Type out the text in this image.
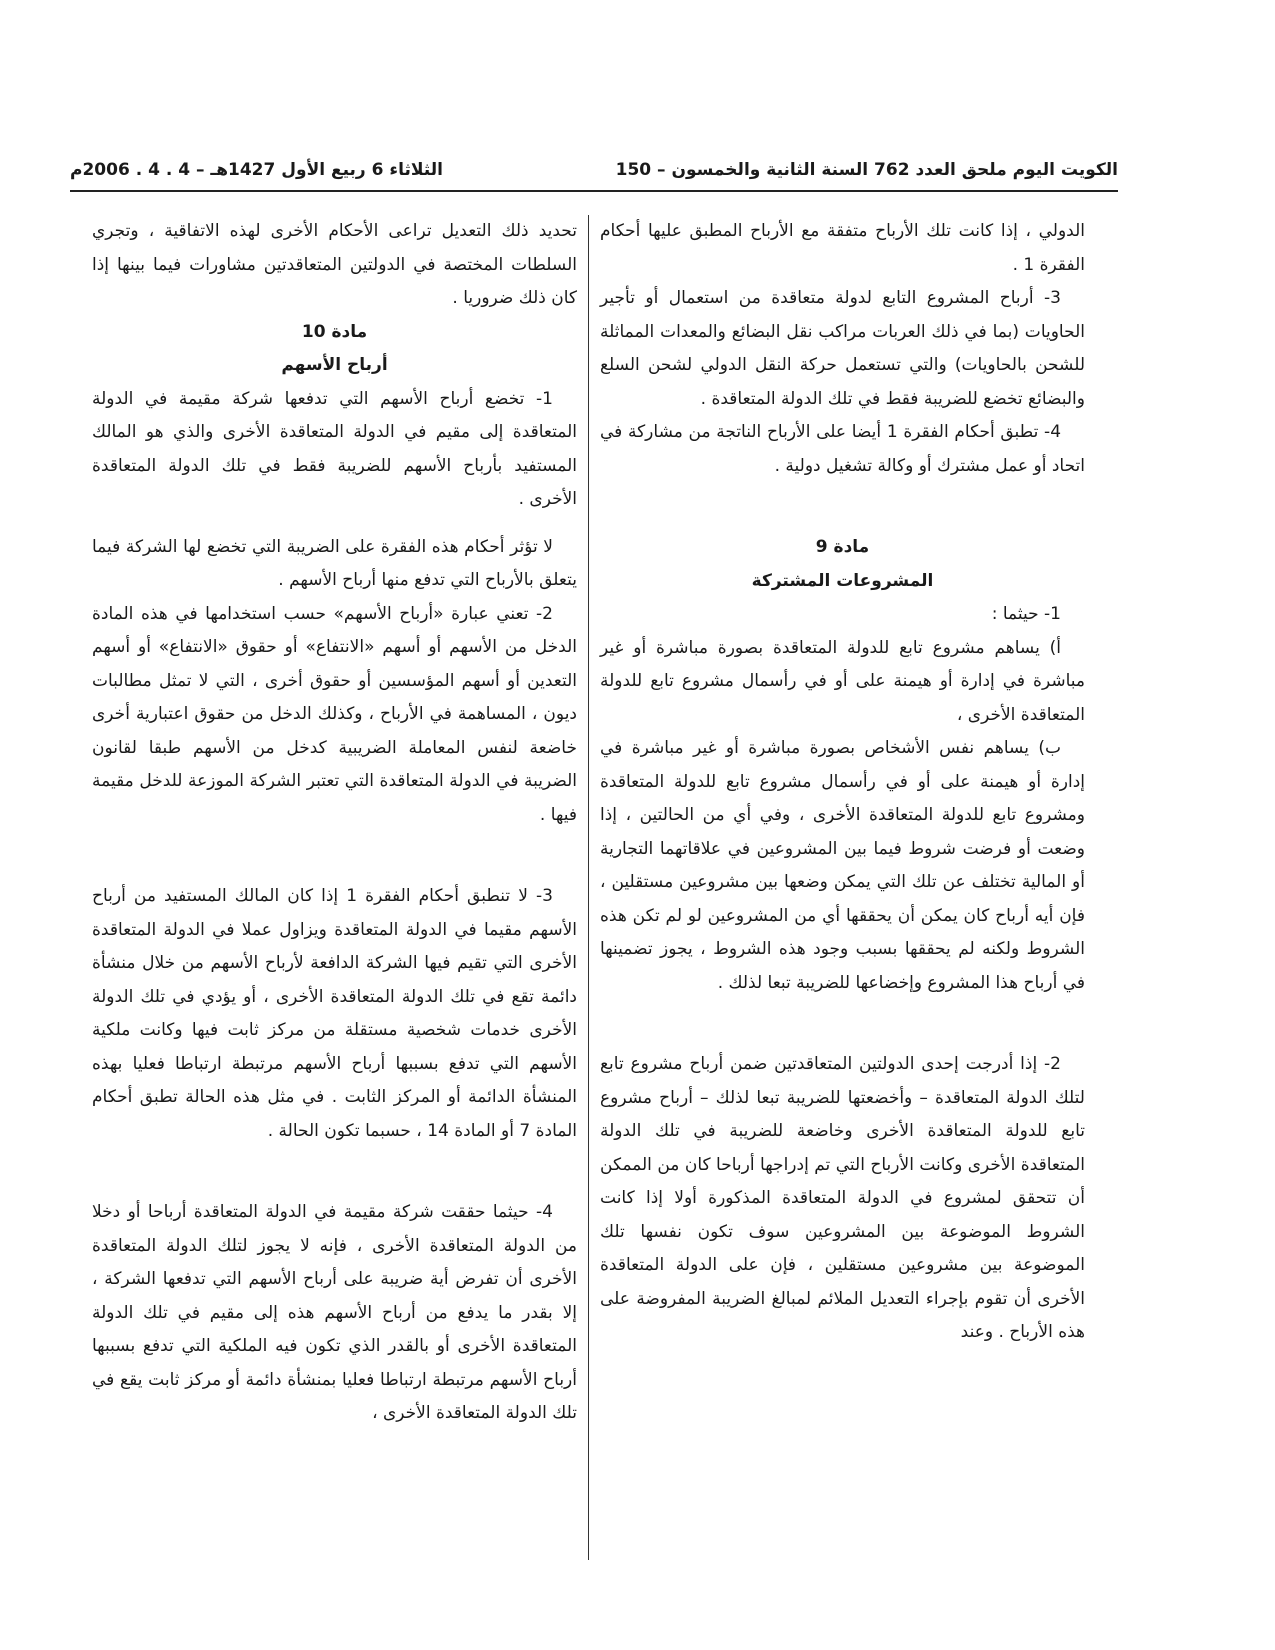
الكويت اليوم ملحق العدد 762 السنة الثانية والخمسون – 150
الثلاثاء 6 ربيع الأول 1427هـ – 4 . 4 . 2006م

الدولي ، إذا كانت تلك الأرباح متفقة مع الأرباح المطبق عليها أحكام الفقرة 1 .

3- أرباح المشروع التابع لدولة متعاقدة من استعمال أو تأجير الحاويات (بما في ذلك العربات مراكب نقل البضائع والمعدات المماثلة للشحن بالحاويات) والتي تستعمل حركة النقل الدولي لشحن السلع والبضائع تخضع للضريبة فقط في تلك الدولة المتعاقدة .

4- تطبق أحكام الفقرة 1 أيضا على الأرباح الناتجة من مشاركة في اتحاد أو عمل مشترك أو وكالة تشغيل دولية .

مادة 9

المشروعات المشتركة

1- حيثما :

أ) يساهم مشروع تابع للدولة المتعاقدة بصورة مباشرة أو غير مباشرة في إدارة أو هيمنة على أو في رأسمال مشروع تابع للدولة المتعاقدة الأخرى ،

ب) يساهم نفس الأشخاص بصورة مباشرة أو غير مباشرة في إدارة أو هيمنة على أو في رأسمال مشروع تابع للدولة المتعاقدة ومشروع تابع للدولة المتعاقدة الأخرى ، وفي أي من الحالتين ، إذا وضعت أو فرضت شروط فيما بين المشروعين في علاقاتهما التجارية أو المالية تختلف عن تلك التي يمكن وضعها بين مشروعين مستقلين ، فإن أيه أرباح كان يمكن أن يحققها أي من المشروعين لو لم تكن هذه الشروط ولكنه لم يحققها بسبب وجود هذه الشروط ، يجوز تضمينها في أرباح هذا المشروع وإخضاعها للضريبة تبعا لذلك .

2- إذا أدرجت إحدى الدولتين المتعاقدتين ضمن أرباح مشروع تابع لتلك الدولة المتعاقدة – وأخضعتها للضريبة تبعا لذلك – أرباح مشروع تابع للدولة المتعاقدة الأخرى وخاضعة للضريبة في تلك الدولة المتعاقدة الأخرى وكانت الأرباح التي تم إدراجها أرباحا كان من الممكن أن تتحقق لمشروع في الدولة المتعاقدة المذكورة أولا إذا كانت الشروط الموضوعة بين المشروعين سوف تكون نفسها تلك الموضوعة بين مشروعين مستقلين ، فإن على الدولة المتعاقدة الأخرى أن تقوم بإجراء التعديل الملائم لمبالغ الضريبة المفروضة على هذه الأرباح . وعند

تحديد ذلك التعديل تراعى الأحكام الأخرى لهذه الاتفاقية ، وتجري السلطات المختصة في الدولتين المتعاقدتين مشاورات فيما بينها إذا كان ذلك ضروريا .

مادة 10

أرباح الأسهم

1- تخضع أرباح الأسهم التي تدفعها شركة مقيمة في الدولة المتعاقدة إلى مقيم في الدولة المتعاقدة الأخرى والذي هو المالك المستفيد بأرباح الأسهم للضريبة فقط في تلك الدولة المتعاقدة الأخرى .

لا تؤثر أحكام هذه الفقرة على الضريبة التي تخضع لها الشركة فيما يتعلق بالأرباح التي تدفع منها أرباح الأسهم .

2- تعني عبارة «أرباح الأسهم» حسب استخدامها في هذه المادة الدخل من الأسهم أو أسهم «الانتفاع» أو حقوق «الانتفاع» أو أسهم التعدين أو أسهم المؤسسين أو حقوق أخرى ، التي لا تمثل مطالبات ديون ، المساهمة في الأرباح ، وكذلك الدخل من حقوق اعتبارية أخرى خاضعة لنفس المعاملة الضريبية كدخل من الأسهم طبقا لقانون الضريبة في الدولة المتعاقدة التي تعتبر الشركة الموزعة للدخل مقيمة فيها .

3- لا تنطبق أحكام الفقرة 1 إذا كان المالك المستفيد من أرباح الأسهم مقيما في الدولة المتعاقدة ويزاول عملا في الدولة المتعاقدة الأخرى التي تقيم فيها الشركة الدافعة لأرباح الأسهم من خلال منشأة دائمة تقع في تلك الدولة المتعاقدة الأخرى ، أو يؤدي في تلك الدولة الأخرى خدمات شخصية مستقلة من مركز ثابت فيها وكانت ملكية الأسهم التي تدفع بسببها أرباح الأسهم مرتبطة ارتباطا فعليا بهذه المنشأة الدائمة أو المركز الثابت . في مثل هذه الحالة تطبق أحكام المادة 7 أو المادة 14 ، حسبما تكون الحالة .

4- حيثما حققت شركة مقيمة في الدولة المتعاقدة أرباحا أو دخلا من الدولة المتعاقدة الأخرى ، فإنه لا يجوز لتلك الدولة المتعاقدة الأخرى أن تفرض أية ضريبة على أرباح الأسهم التي تدفعها الشركة ، إلا بقدر ما يدفع من أرباح الأسهم هذه إلى مقيم في تلك الدولة المتعاقدة الأخرى أو بالقدر الذي تكون فيه الملكية التي تدفع بسببها أرباح الأسهم مرتبطة ارتباطا فعليا بمنشأة دائمة أو مركز ثابت يقع في تلك الدولة المتعاقدة الأخرى ،
